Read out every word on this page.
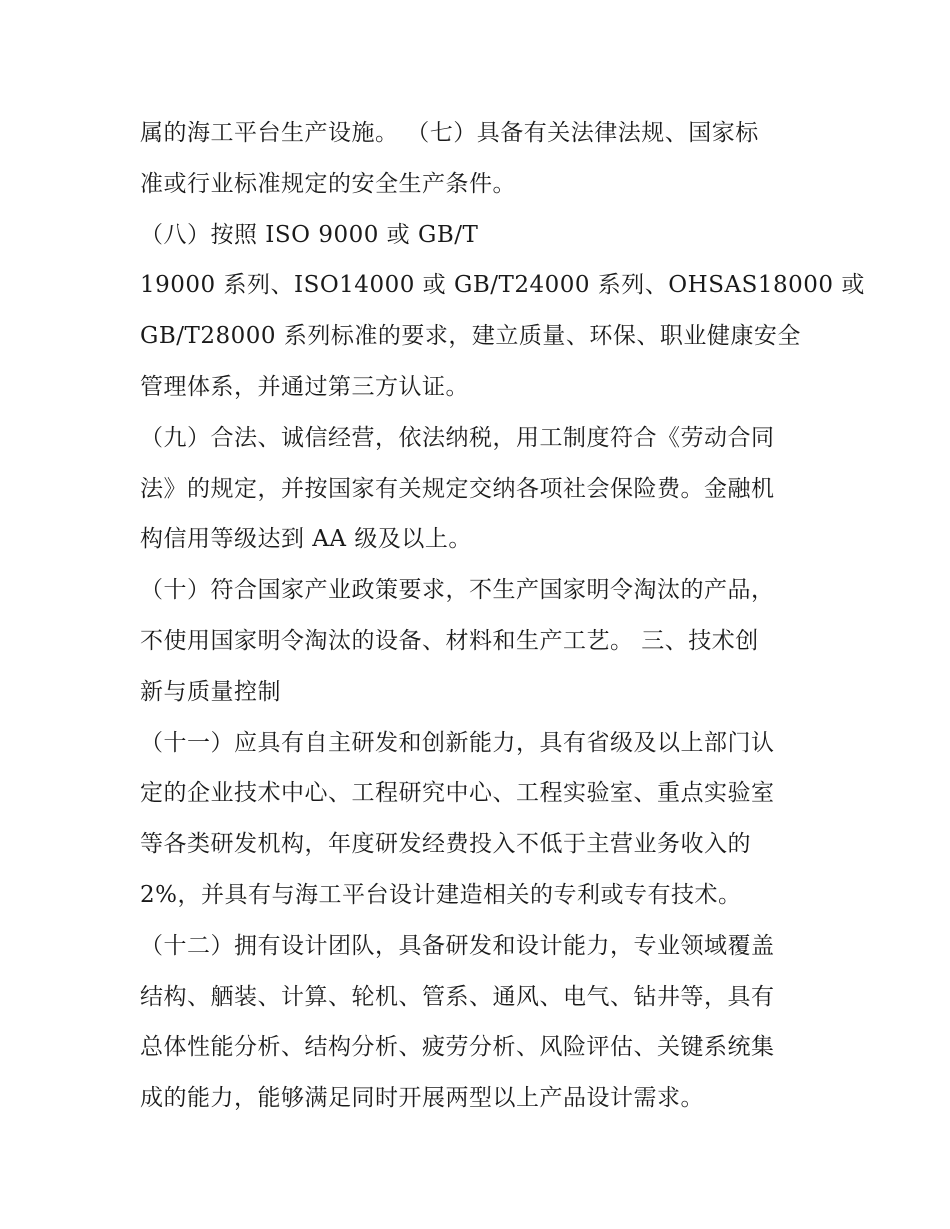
属的海工平台生产设施。 （七）具备有关法律法规、国家标
准或行业标准规定的安全生产条件。
（八）按照 ISO 9000 或 GB/T
19000 系列、ISO14000 或 GB/T24000 系列、OHSAS18000 或
GB/T28000 系列标准的要求，建立质量、环保、职业健康安全
管理体系，并通过第三方认证。
（九）合法、诚信经营，依法纳税，用工制度符合《劳动合同
法》的规定，并按国家有关规定交纳各项社会保险费。金融机
构信用等级达到 AA 级及以上。
（十）符合国家产业政策要求，不生产国家明令淘汰的产品，
不使用国家明令淘汰的设备、材料和生产工艺。 三、技术创
新与质量控制
（十一）应具有自主研发和创新能力，具有省级及以上部门认
定的企业技术中心、工程研究中心、工程实验室、重点实验室
等各类研发机构，年度研发经费投入不低于主营业务收入的
2%，并具有与海工平台设计建造相关的专利或专有技术。
（十二）拥有设计团队，具备研发和设计能力，专业领域覆盖
结构、舾装、计算、轮机、管系、通风、电气、钻井等，具有
总体性能分析、结构分析、疲劳分析、风险评估、关键系统集
成的能力，能够满足同时开展两型以上产品设计需求。
